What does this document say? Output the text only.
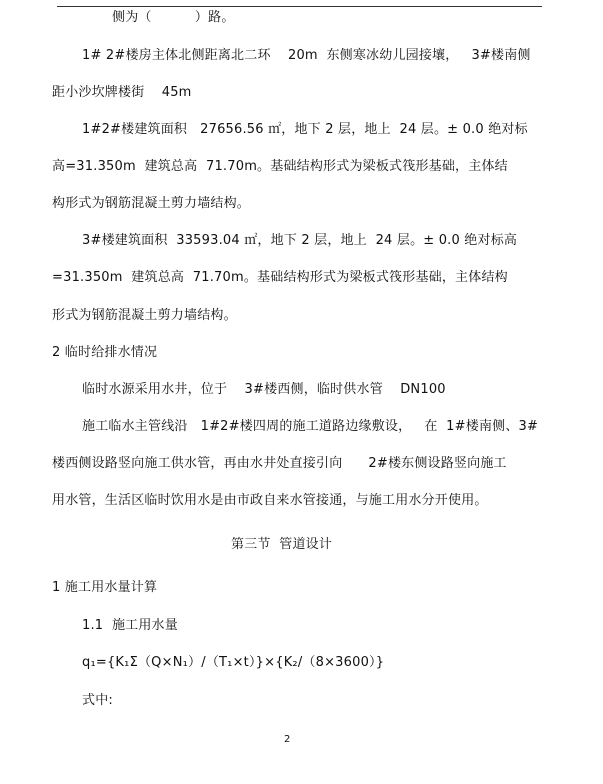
侧为（          ）路。
1# 2#楼房主体北侧距离北二环    20m  东侧寒冰幼儿园接壤，   3#楼南侧
距小沙坎牌楼街    45m
1#2#楼建筑面积   27656.56 ㎡，地下 2 层，地上  24 层。± 0.0 绝对标
高=31.350m  建筑总高  71.70m。基础结构形式为梁板式筏形基础，主体结
构形式为钢筋混凝土剪力墙结构。
3#楼建筑面积  33593.04 ㎡，地下 2 层，地上  24 层。± 0.0 绝对标高
=31.350m  建筑总高  71.70m。基础结构形式为梁板式筏形基础，主体结构
形式为钢筋混凝土剪力墙结构。
2 临时给排水情况
临时水源采用水井，位于    3#楼西侧，临时供水管    DN100
施工临水主管线沿   1#2#楼四周的施工道路边缘敷设，   在  1#楼南侧、3#
楼西侧设路竖向施工供水管，再由水井处直接引向      2#楼东侧设路竖向施工
用水管，生活区临时饮用水是由市政自来水管接通，与施工用水分开使用。
第三节  管道设计
1 施工用水量计算
1.1  施工用水量
q₁={K₁Σ（Q×N₁）/（T₁×t）}×{K₂/（8×3600）}
式中:
2
